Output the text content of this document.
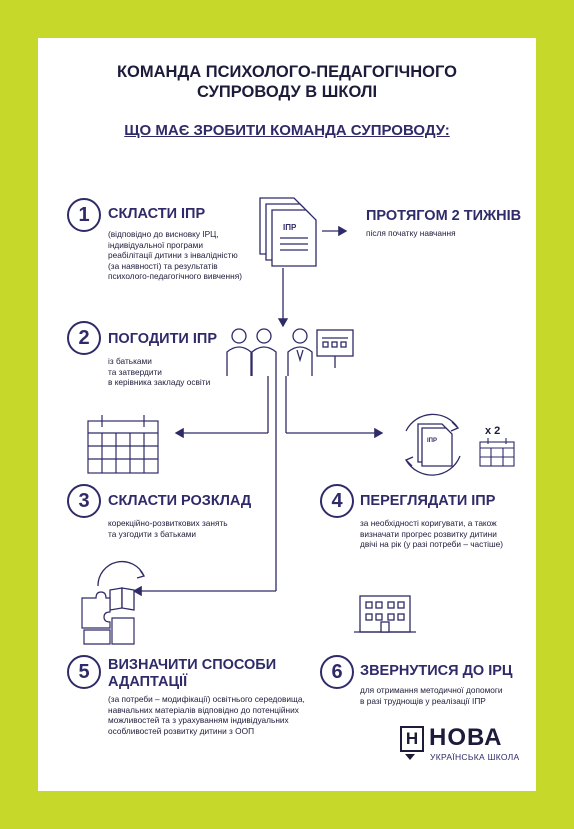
КОМАНДА ПСИХОЛОГО-ПЕДАГОГІЧНОГО
СУПРОВОДУ В ШКОЛІ
ЩО МАЄ ЗРОБИТИ КОМАНДА СУПРОВОДУ:
ІПР
ІПР
x 2
1	СКЛАСТИ ІПР
(відповідно до висновку ІРЦ,
індивідуальної програми
реабілітації дитини з інвалідністю
(за наявності) та результатів
психолого-педагогічного вивчення)
ПРОТЯГОМ 2 ТИЖНІВ
після початку навчання
2	ПОГОДИТИ ІПР
із батьками
та затвердити
в керівника закладу освіти
3	СКЛАСТИ РОЗКЛАД
корекційно-розвиткових занять
та узгодити з батьками
4	ПЕРЕГЛЯДАТИ ІПР
за необхідності коригувати, а також
визначати прогрес розвитку дитини
двічі на рік (у разі потреби – частіше)
5	ВИЗНАЧИТИ СПОСОБИ
АДАПТАЦІЇ
(за потреби – модифікації) освітнього середовища,
навчальних матеріалів відповідно до потенційних
можливостей та з урахуванням індивідуальних
особливостей розвитку дитини з ООП
6	ЗВЕРНУТИСЯ ДО ІРЦ
для отримання методичної допомоги
в разі труднощів у реалізації ІПР
Н НОВА
УКРАЇНСЬКА ШКОЛА
